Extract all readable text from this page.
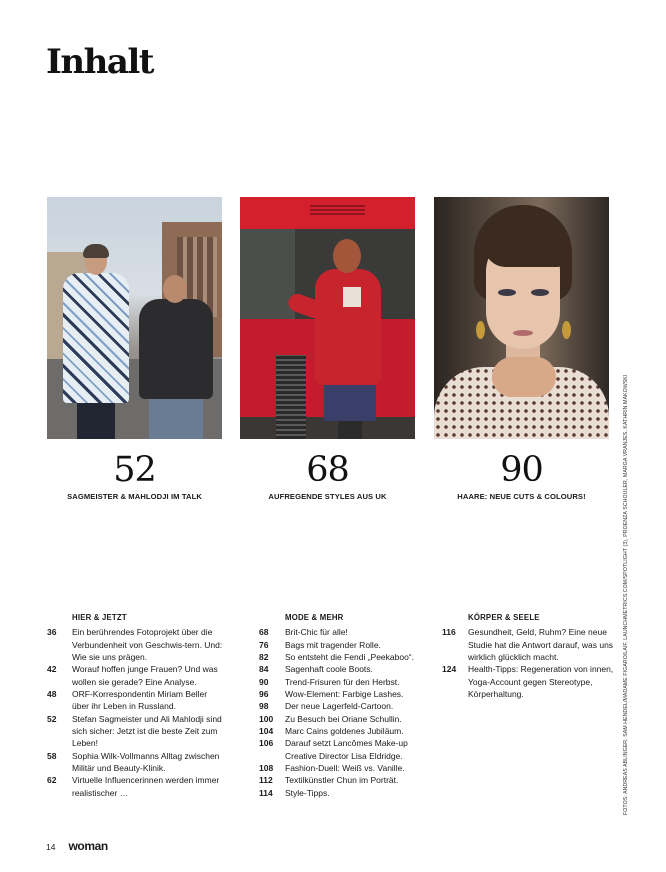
Inhalt
52
SAGMEISTER & MAHLODJI IM TALK
68
AUFREGENDE STYLES AUS UK
90
HAARE: NEUE CUTS & COLOURS!
HIER & JETZT
36	Ein berührendes Fotoprojekt über die Verbundenheit von Geschwis-tern. Und: Wie sie uns prägen.
42	Worauf hoffen junge Frauen? Und was wollen sie gerade? Eine Analyse.
48	ORF-Korrespondentin Miriam Beller über ihr Leben in Russland.
52	Stefan Sagmeister und Ali Mahlodji sind sich sicher: Jetzt ist die beste Zeit zum Leben!
58	Sophia Wilk-Vollmanns Alltag zwischen Militär und Beauty-Klinik.
62	Virtuelle Influencerinnen werden immer realistischer …
MODE & MEHR
68	Brit-Chic für alle!
76	Bags mit tragender Rolle.
82	So entsteht die Fendi „Peekaboo“.
84	Sagenhaft coole Boots.
90	Trend-Frisuren für den Herbst.
96	Wow-Element: Farbige Lashes.
98	Der neue Lagerfeld-Cartoon.
100	Zu Besuch bei Oriane Schullin.
104	Marc Cains goldenes Jubiläum.
106	Darauf setzt Lancômes Make-up Creative Director Lisa Eldridge.
108	Fashion-Duell: Weiß vs. Vanille.
112	Textilkünstler Chun im Porträt.
114	Style-Tipps.
KÖRPER & SEELE
116	Gesundheit, Geld, Ruhm? Eine neue Studie hat die Antwort darauf, was uns wirklich glücklich macht.
124	Health-Tipps: Regeneration von innen, Yoga-Account gegen Stereotype, Körperhaltung.	FOTOS: ANDREAS ABLINGER, SAM HENDEL/MADAME FIGARO/LAIF, LAUNCHMETRICS.COM/SPOTLIGHT (3), PROENZA SCHOULER, MARGA VRANJES, KATHRIN MAKOWSKI
14 woman
